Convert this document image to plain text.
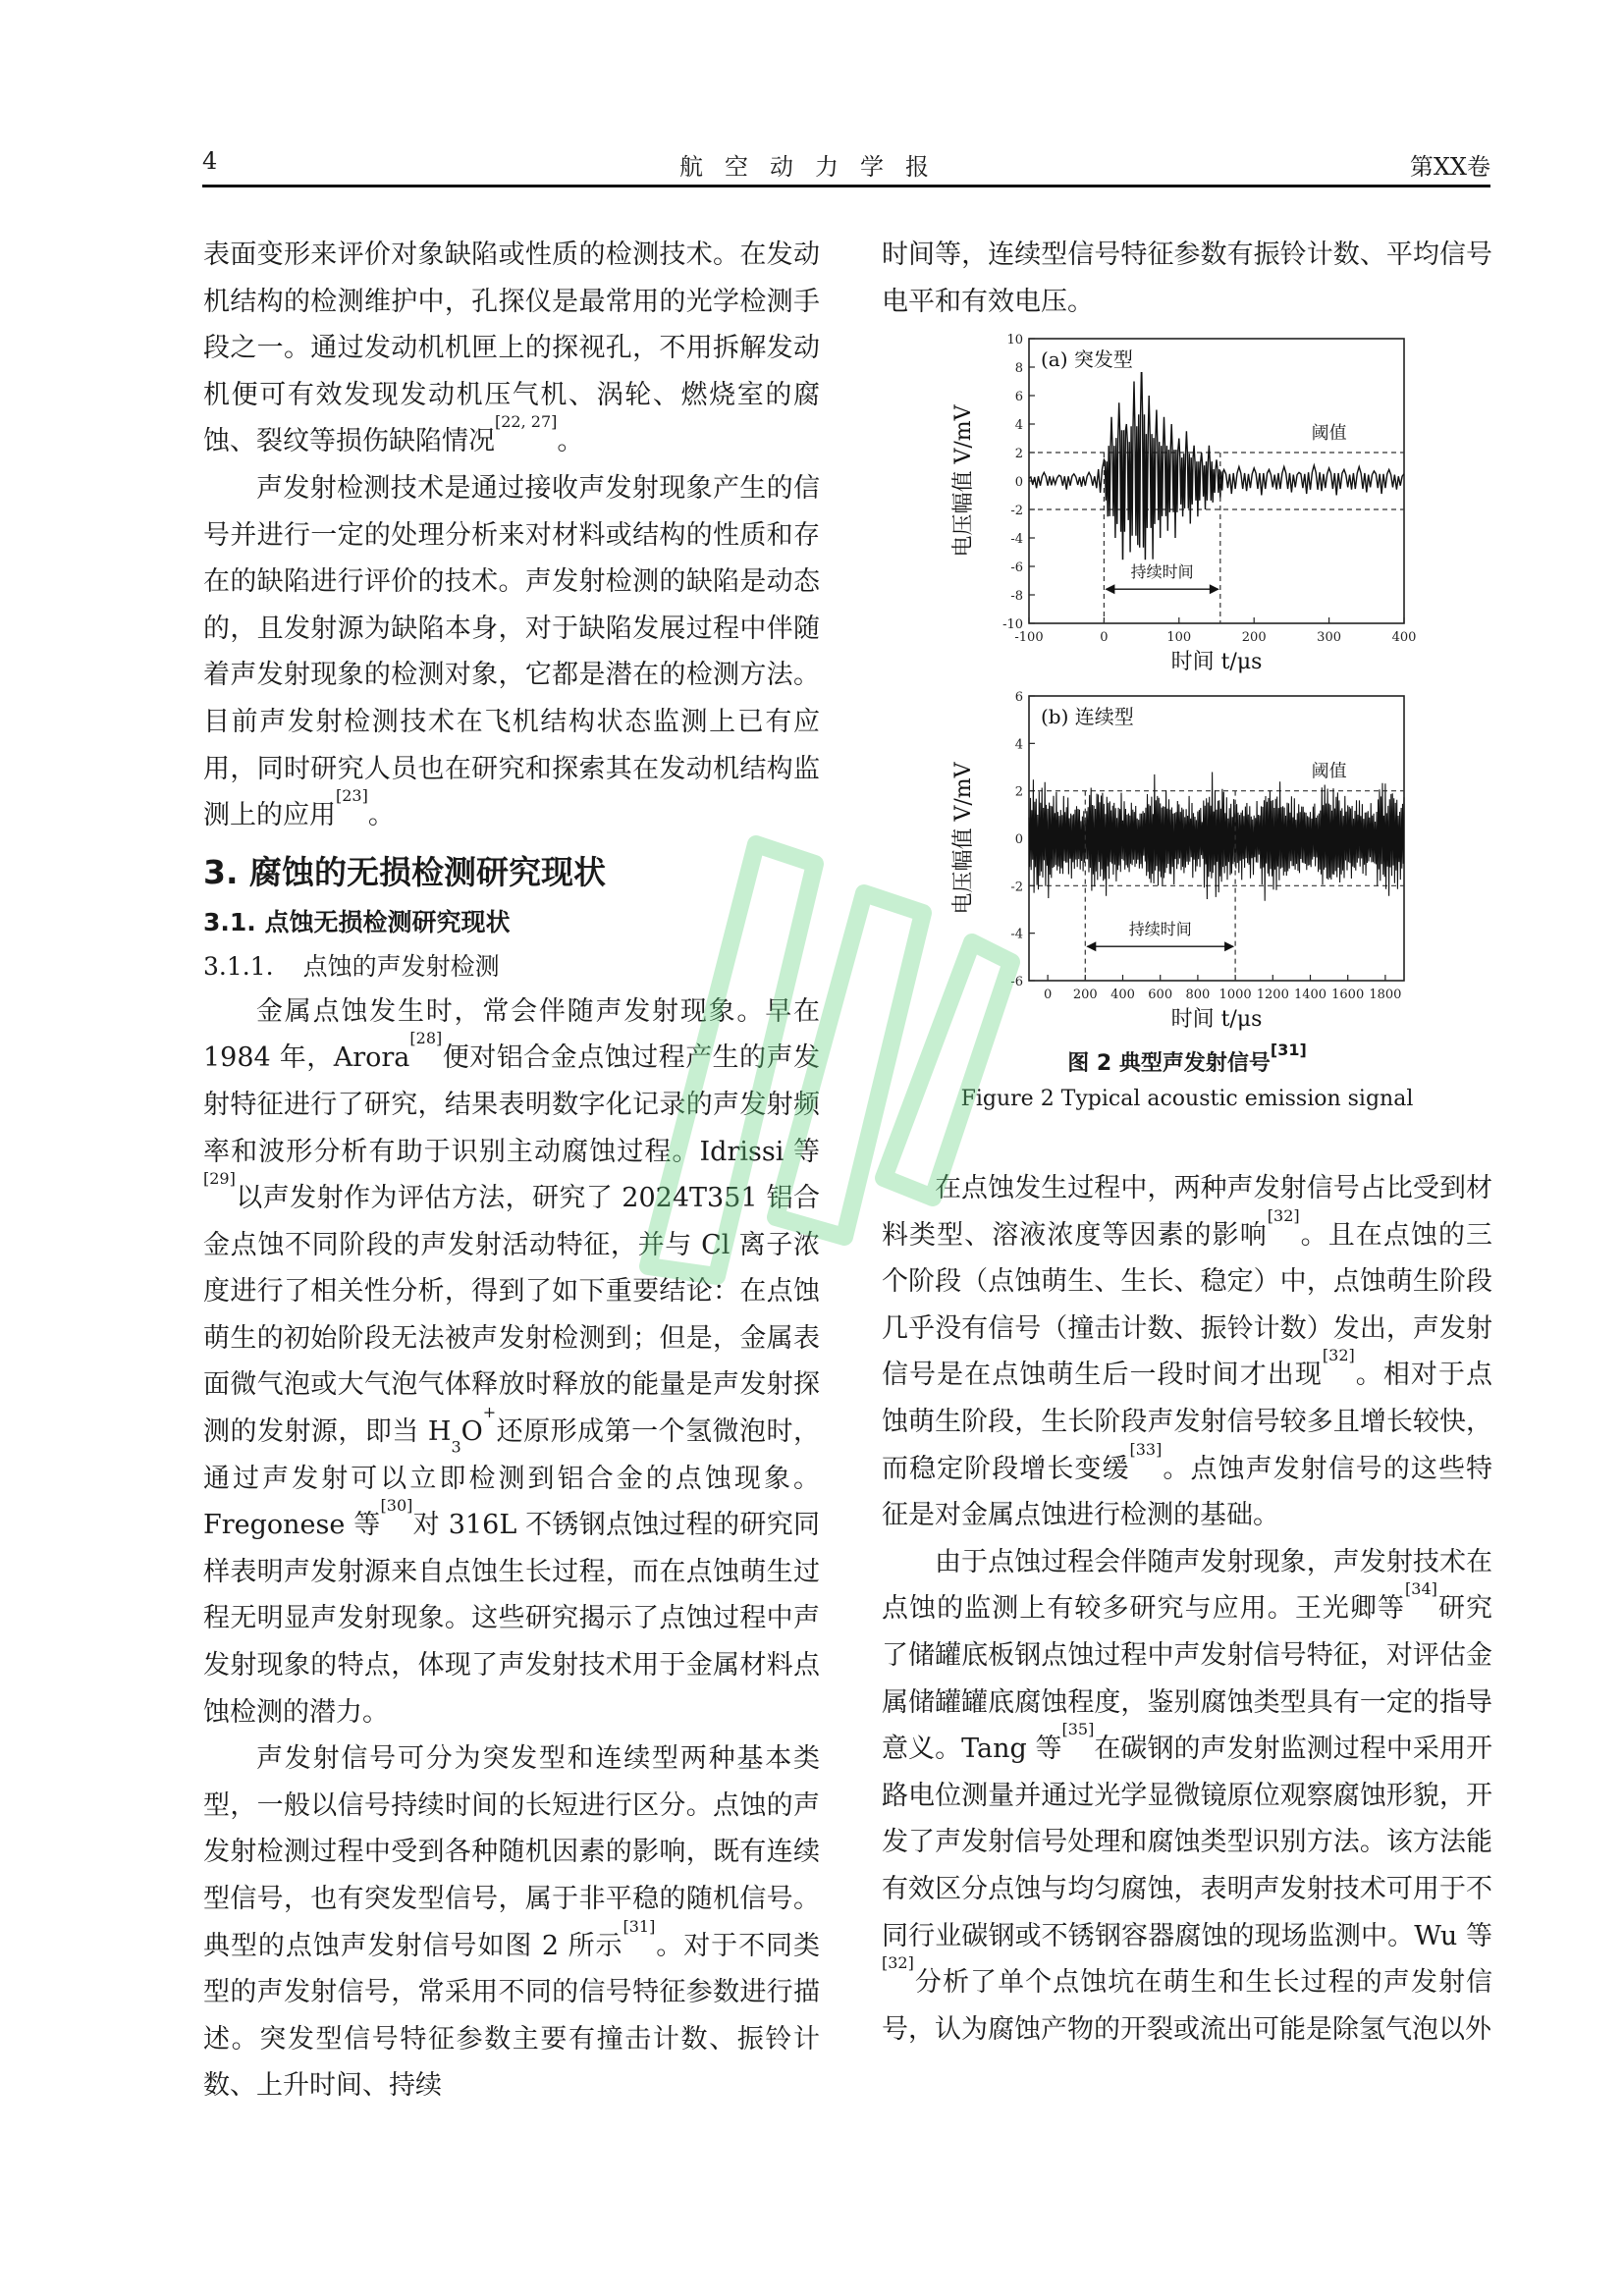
4	航空动力学报	第XX卷

表面变形来评价对象缺陷或性质的检测技术。在发动机结构的检测维护中，孔探仪是最常用的光学检测手段之一。通过发动机机匣上的探视孔，不用拆解发动机便可有效发现发动机压气机、涡轮、燃烧室的腐蚀、裂纹等损伤缺陷情况[22, 27]。

声发射检测技术是通过接收声发射现象产生的信号并进行一定的处理分析来对材料或结构的性质和存在的缺陷进行评价的技术。声发射检测的缺陷是动态的，且发射源为缺陷本身，对于缺陷发展过程中伴随着声发射现象的检测对象，它都是潜在的检测方法。目前声发射检测技术在飞机结构状态监测上已有应用，同时研究人员也在研究和探索其在发动机结构监测上的应用[23]。

3. 腐蚀的无损检测研究现状
3.1. 点蚀无损检测研究现状
3.1.1. 点蚀的声发射检测

金属点蚀发生时，常会伴随声发射现象。早在 1984 年，Arora[28]便对铝合金点蚀过程产生的声发射特征进行了研究，结果表明数字化记录的声发射频率和波形分析有助于识别主动腐蚀过程。Idrissi 等[29]以声发射作为评估方法，研究了 2024T351 铝合金点蚀不同阶段的声发射活动特征，并与 Cl 离子浓度进行了相关性分析，得到了如下重要结论：在点蚀萌生的初始阶段无法被声发射检测到；但是，金属表面微气泡或大气泡气体释放时释放的能量是声发射探测的发射源，即当 H3O+还原形成第一个氢微泡时，通过声发射可以立即检测到铝合金的点蚀现象。Fregonese 等[30]对 316L 不锈钢点蚀过程的研究同样表明声发射源来自点蚀生长过程，而在点蚀萌生过程无明显声发射现象。这些研究揭示了点蚀过程中声发射现象的特点，体现了声发射技术用于金属材料点蚀检测的潜力。

声发射信号可分为突发型和连续型两种基本类型，一般以信号持续时间的长短进行区分。点蚀的声发射检测过程中受到各种随机因素的影响，既有连续型信号，也有突发型信号，属于非平稳的随机信号。典型的点蚀声发射信号如图 2 所示[31]。对于不同类型的声发射信号，常采用不同的信号特征参数进行描述。突发型信号特征参数主要有撞击计数、振铃计数、上升时间、持续

时间等，连续型信号特征参数有振铃计数、平均信号电平和有效电压。

10
8
6
4
2
0
-2
-4
-6
-8
-10
-100	0	100	200	300	400
阈值
持续时间
(a) 突发型
时间 t/μs
电压幅值 V/mV

6
4
2
0
-2
-4
-6
0 200 400 600 800 1000 1200 1400 1600 1800
阈值
持续时间
(b) 连续型
时间 t/μs
电压幅值 V/mV
图 2 典型声发射信号[31]
Figure 2 Typical acoustic emission signal

在点蚀发生过程中，两种声发射信号占比受到材料类型、溶液浓度等因素的影响[32]。且在点蚀的三个阶段（点蚀萌生、生长、稳定）中，点蚀萌生阶段几乎没有信号（撞击计数、振铃计数）发出，声发射信号是在点蚀萌生后一段时间才出现[32]。相对于点蚀萌生阶段，生长阶段声发射信号较多且增长较快，而稳定阶段增长变缓[33]。点蚀声发射信号的这些特征是对金属点蚀进行检测的基础。

由于点蚀过程会伴随声发射现象，声发射技术在点蚀的监测上有较多研究与应用。王光卿等[34]研究了储罐底板钢点蚀过程中声发射信号特征，对评估金属储罐罐底腐蚀程度，鉴别腐蚀类型具有一定的指导意义。Tang 等[35]在碳钢的声发射监测过程中采用开路电位测量并通过光学显微镜原位观察腐蚀形貌，开发了声发射信号处理和腐蚀类型识别方法。该方法能有效区分点蚀与均匀腐蚀，表明声发射技术可用于不同行业碳钢或不锈钢容器腐蚀的现场监测中。Wu 等[32]分析了单个点蚀坑在萌生和生长过程的声发射信号，认为腐蚀产物的开裂或流出可能是除氢气泡以外
